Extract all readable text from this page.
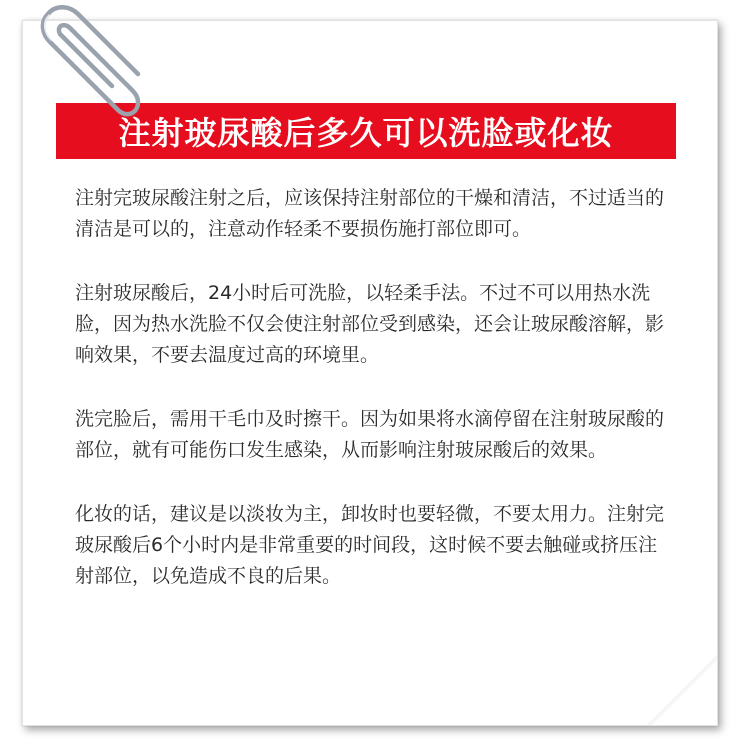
注射玻尿酸后多久可以洗脸或化妆

注射完玻尿酸注射之后，应该保持注射部位的干燥和清洁，不过适当的清洁是可以的，注意动作轻柔不要损伤施打部位即可。

注射玻尿酸后，24小时后可洗脸，以轻柔手法。不过不可以用热水洗脸，因为热水洗脸不仅会使注射部位受到感染，还会让玻尿酸溶解，影响效果，不要去温度过高的环境里。

洗完脸后，需用干毛巾及时擦干。因为如果将水滴停留在注射玻尿酸的部位，就有可能伤口发生感染，从而影响注射玻尿酸后的效果。

化妆的话，建议是以淡妆为主，卸妆时也要轻微，不要太用力。注射完玻尿酸后6个小时内是非常重要的时间段，这时候不要去触碰或挤压注射部位，以免造成不良的后果。
